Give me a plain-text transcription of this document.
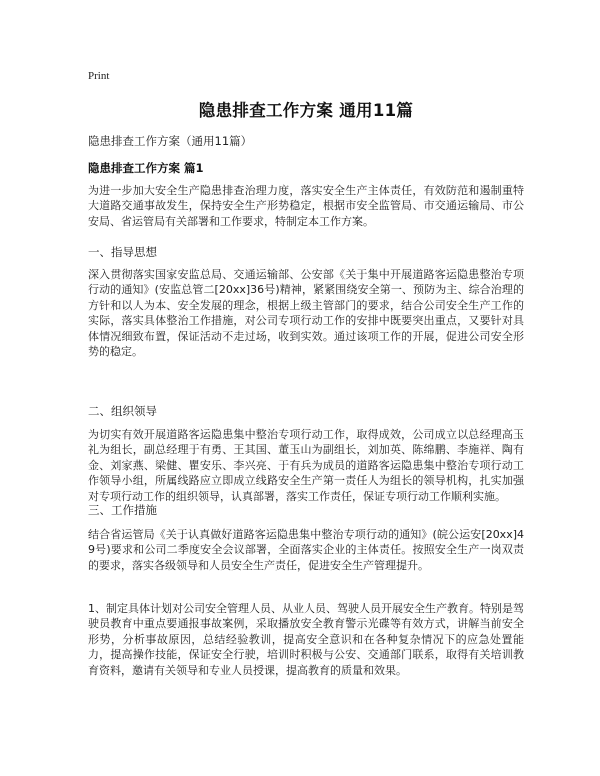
Print
隐患排查工作方案 通用11篇
隐患排查工作方案（通用11篇）
隐患排查工作方案 篇1
为进一步加大安全生产隐患排查治理力度，落实安全生产主体责任，有效防范和遏制重特大道路交通事故发生，保持安全生产形势稳定，根据市安全监管局、市交通运输局、市公安局、省运管局有关部署和工作要求，特制定本工作方案。
一、指导思想
深入贯彻落实国家安监总局、交通运输部、公安部《关于集中开展道路客运隐患整治专项行动的通知》(安监总管二[20xx]36号)精神，紧紧围绕安全第一、预防为主、综合治理的方针和以人为本、安全发展的理念，根据上级主管部门的要求，结合公司安全生产工作的实际，落实具体整治工作措施，对公司专项行动工作的安排中既要突出重点，又要针对具体情况细致布置，保证活动不走过场，收到实效。通过该项工作的开展，促进公司安全形势的稳定。
二、组织领导
为切实有效开展道路客运隐患集中整治专项行动工作，取得成效，公司成立以总经理高玉礼为组长，副总经理于有勇、王其国、董玉山为副组长，刘加英、陈绵鹏、李施祥、陶有金、刘家燕、梁健、瞿安乐、李兴亮、于有兵为成员的道路客运隐患集中整治专项行动工作领导小组，所属线路应立即成立线路安全生产第一责任人为组长的领导机构，扎实加强对专项行动工作的组织领导，认真部署，落实工作责任，保证专项行动工作顺利实施。
三、工作措施
结合省运管局《关于认真做好道路客运隐患集中整治专项行动的通知》(皖公运安[20xx]49号)要求和公司二季度安全会议部署，全面落实企业的主体责任。按照安全生产一岗双责的要求，落实各级领导和人员安全生产责任，促进安全生产管理提升。
1、制定具体计划对公司安全管理人员、从业人员、驾驶人员开展安全生产教育。特别是驾驶员教育中重点要通报事故案例，采取播放安全教育警示光碟等有效方式，讲解当前安全形势，分析事故原因，总结经验教训，提高安全意识和在各种复杂情况下的应急处置能力，提高操作技能，保证安全行驶，培训时积极与公安、交通部门联系，取得有关培训教育资料，邀请有关领导和专业人员授课，提高教育的质量和效果。
